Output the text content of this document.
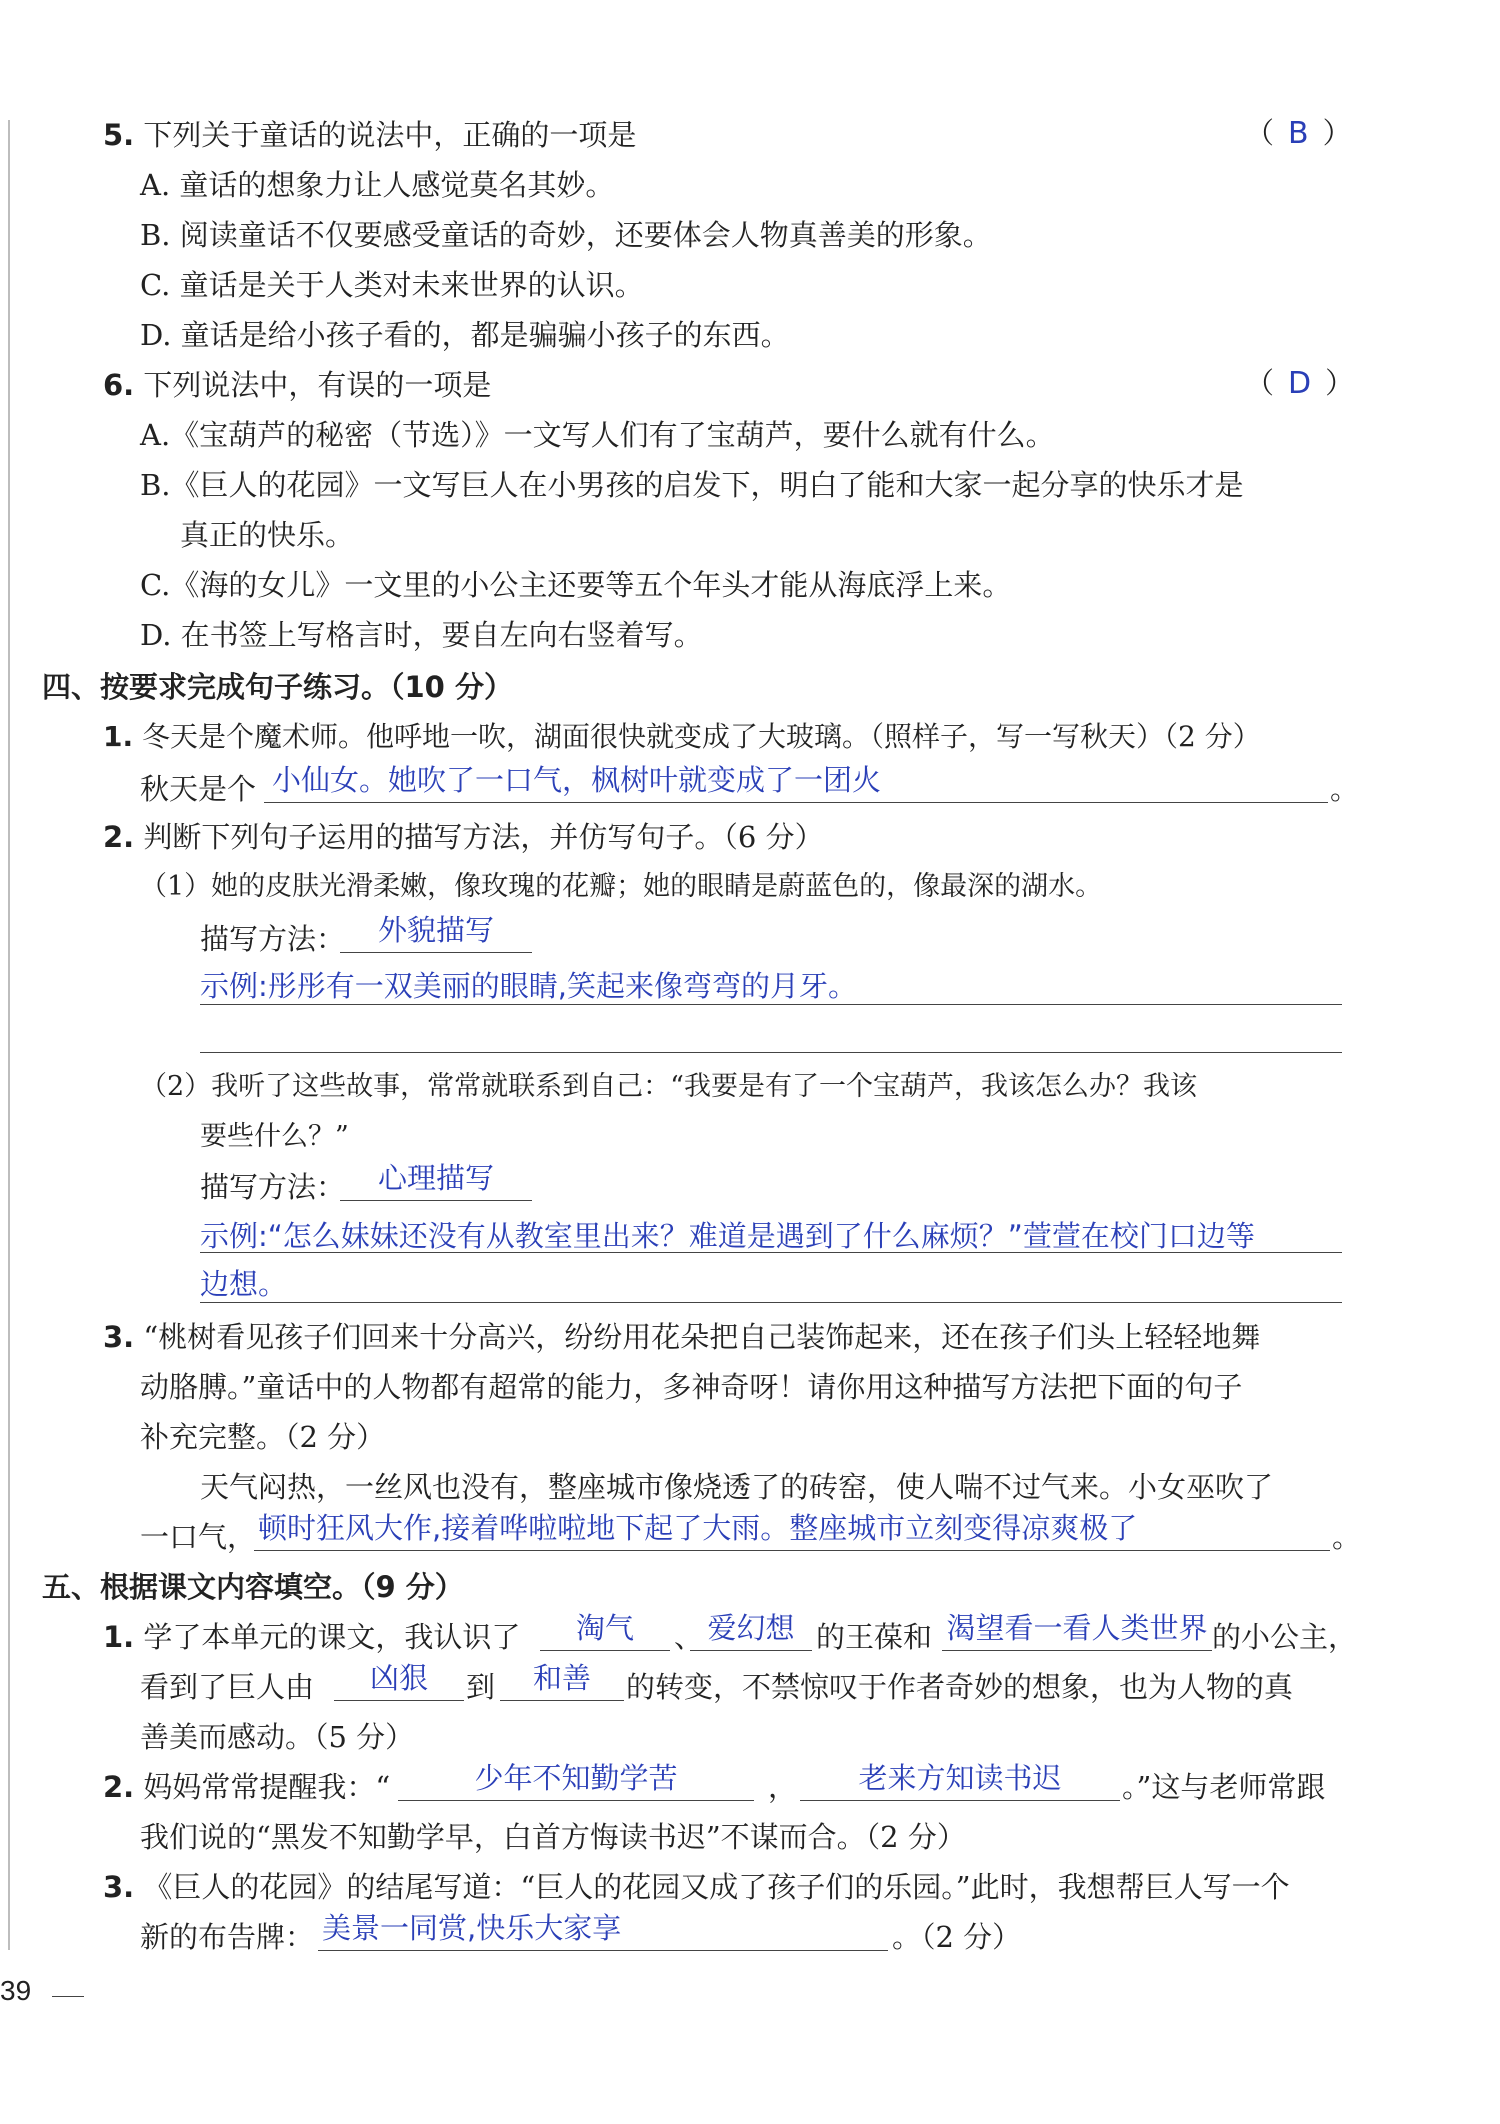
5. 下列关于童话的说法中，正确的一项是	（ B ）
A. 童话的想象力让人感觉莫名其妙。
B. 阅读童话不仅要感受童话的奇妙，还要体会人物真善美的形象。
C. 童话是关于人类对未来世界的认识。
D. 童话是给小孩子看的，都是骗骗小孩子的东西。
6. 下列说法中，有误的一项是	（ D ）
A.《宝葫芦的秘密（节选）》一文写人们有了宝葫芦，要什么就有什么。
B.《巨人的花园》一文写巨人在小男孩的启发下，明白了能和大家一起分享的快乐才是
真正的快乐。
C.《海的女儿》一文里的小公主还要等五个年头才能从海底浮上来。
D. 在书签上写格言时，要自左向右竖着写。
四、按要求完成句子练习。（10 分）
1. 冬天是个魔术师。他呼地一吹，湖面很快就变成了大玻璃。（照样子，写一写秋天）（2 分）
秋天是个 小仙女。她吹了一口气，枫树叶就变成了一团火	。
2. 判断下列句子运用的描写方法，并仿写句子。（6 分）
（1）她的皮肤光滑柔嫩，像玫瑰的花瓣；她的眼睛是蔚蓝色的，像最深的湖水。
描写方法：	外貌描写
示例:彤彤有一双美丽的眼睛,笑起来像弯弯的月牙。
（2）我听了这些故事，常常就联系到自己：“我要是有了一个宝葫芦，我该怎么办？我该
要些什么？”
描写方法：	心理描写
示例:“怎么妹妹还没有从教室里出来？难道是遇到了什么麻烦？”萱萱在校门口边等
边想。
3. “桃树看见孩子们回来十分高兴，纷纷用花朵把自己装饰起来，还在孩子们头上轻轻地舞
动胳膊。”童话中的人物都有超常的能力，多神奇呀！请你用这种描写方法把下面的句子
补充完整。（2 分）
天气闷热，一丝风也没有，整座城市像烧透了的砖窑，使人喘不过气来。小女巫吹了
一口气， 顿时狂风大作,接着哗啦啦地下起了大雨。整座城市立刻变得凉爽极了	。
五、根据课文内容填空。（9 分）
1. 学了本单元的课文，我认识了	淘气	、 爱幻想 的王葆和 渴望看一看人类世界 的小公主，
看到了巨人由	凶狠	到	和善	的转变，不禁惊叹于作者奇妙的想象，也为人物的真
善美而感动。（5 分）
2. 妈妈常常提醒我：“	少年不知勤学苦	，	老来方知读书迟	。”这与老师常跟
我们说的“黑发不知勤学早，白首方悔读书迟”不谋而合。（2 分）
3. 《巨人的花园》的结尾写道：“巨人的花园又成了孩子们的乐园。”此时，我想帮巨人写一个
新的布告牌： 美景一同赏,快乐大家享	。（2 分）
39
